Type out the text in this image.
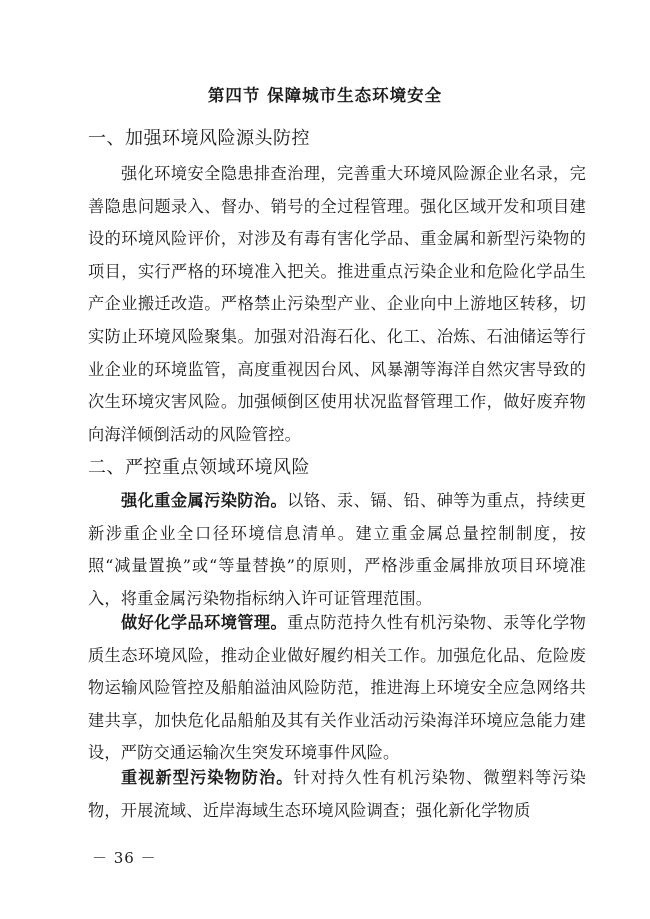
第四节 保障城市生态环境安全
一、加强环境风险源头防控

强化环境安全隐患排查治理，完善重大环境风险源企业名录，完善隐患问题录入、督办、销号的全过程管理。强化区域开发和项目建设的环境风险评价，对涉及有毒有害化学品、重金属和新型污染物的项目，实行严格的环境准入把关。推进重点污染企业和危险化学品生产企业搬迁改造。严格禁止污染型产业、企业向中上游地区转移，切实防止环境风险聚集。加强对沿海石化、化工、冶炼、石油储运等行业企业的环境监管，高度重视因台风、风暴潮等海洋自然灾害导致的次生环境灾害风险。加强倾倒区使用状况监督管理工作，做好废弃物向海洋倾倒活动的风险管控。

二、严控重点领域环境风险

强化重金属污染防治。以铬、汞、镉、铅、砷等为重点，持续更新涉重企业全口径环境信息清单。建立重金属总量控制制度，按照“减量置换”或“等量替换”的原则，严格涉重金属排放项目环境准入，将重金属污染物指标纳入许可证管理范围。

做好化学品环境管理。重点防范持久性有机污染物、汞等化学物质生态环境风险，推动企业做好履约相关工作。加强危化品、危险废物运输风险管控及船舶溢油风险防范，推进海上环境安全应急网络共建共享，加快危化品船舶及其有关作业活动污染海洋环境应急能力建设，严防交通运输次生突发环境事件风险。

重视新型污染物防治。针对持久性有机污染物、微塑料等污染物，开展流域、近岸海域生态环境风险调查；强化新化学物质

－ 36 －
